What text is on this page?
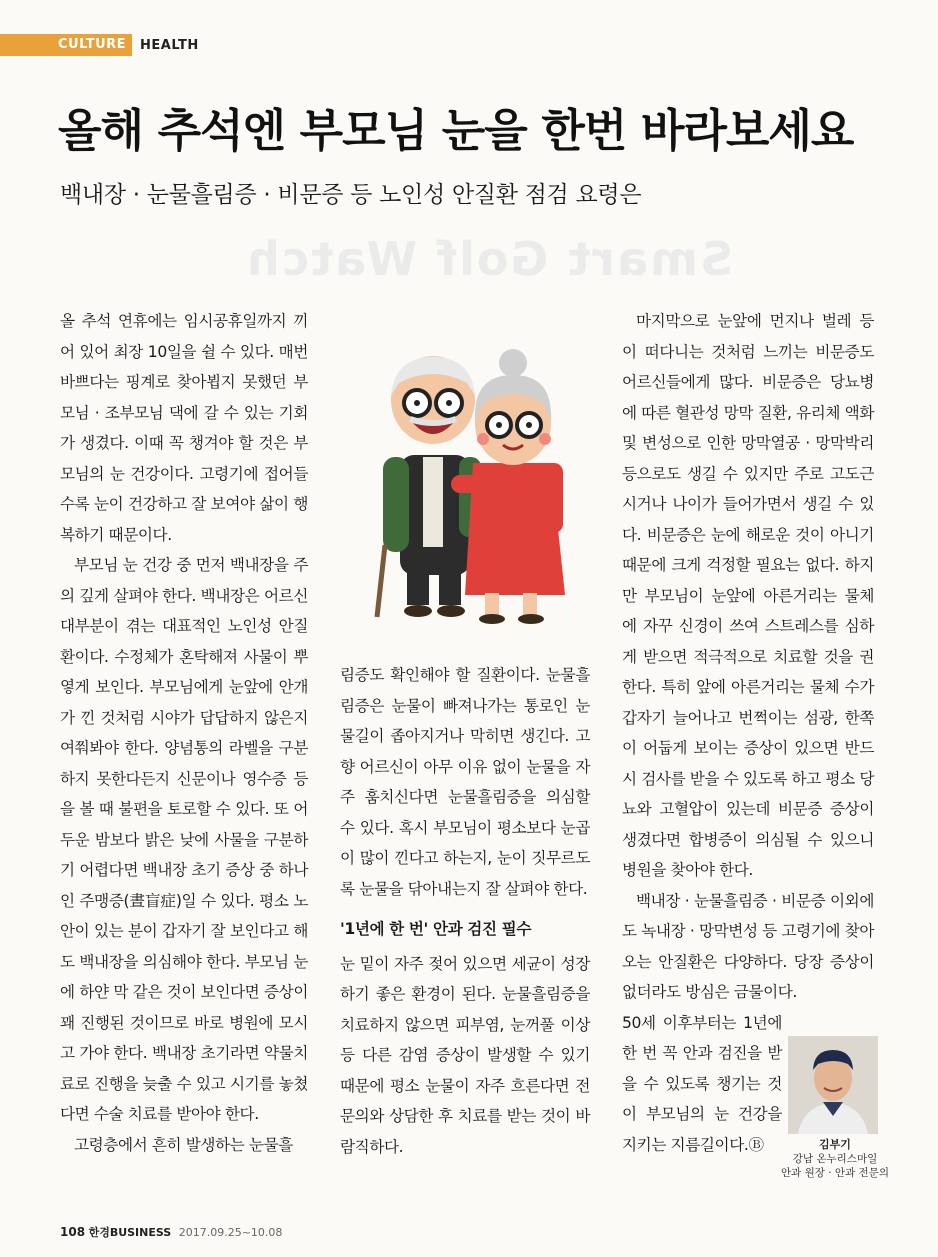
CULTURE	HEALTH
Smart Golf Watch
올해 추석엔 부모님 눈을 한번 바라보세요
백내장 · 눈물흘림증 · 비문증 등 노인성 안질환 점검 요령은

올 추석 연휴에는 임시공휴일까지 끼어 있어 최장 10일을 쉴 수 있다. 매번 바쁘다는 핑계로 찾아뵙지 못했던 부모님 · 조부모님 댁에 갈 수 있는 기회가 생겼다. 이때 꼭 챙겨야 할 것은 부모님의 눈 건강이다. 고령기에 접어들수록 눈이 건강하고 잘 보여야 삶이 행복하기 때문이다.

부모님 눈 건강 중 먼저 백내장을 주의 깊게 살펴야 한다. 백내장은 어르신 대부분이 겪는 대표적인 노인성 안질환이다. 수정체가 혼탁해져 사물이 뿌옇게 보인다. 부모님에게 눈앞에 안개가 낀 것처럼 시야가 답답하지 않은지 여쭤봐야 한다. 양념통의 라벨을 구분하지 못한다든지 신문이나 영수증 등을 볼 때 불편을 토로할 수 있다. 또 어두운 밤보다 밝은 낮에 사물을 구분하기 어렵다면 백내장 초기 증상 중 하나인 주맹증(晝盲症)일 수 있다. 평소 노안이 있는 분이 갑자기 잘 보인다고 해도 백내장을 의심해야 한다. 부모님 눈에 하얀 막 같은 것이 보인다면 증상이 꽤 진행된 것이므로 바로 병원에 모시고 가야 한다. 백내장 초기라면 약물치료로 진행을 늦출 수 있고 시기를 놓쳤다면 수술 치료를 받아야 한다.

고령층에서 흔히 발생하는 눈물흘

림증도 확인해야 할 질환이다. 눈물흘림증은 눈물이 빠져나가는 통로인 눈물길이 좁아지거나 막히면 생긴다. 고향 어르신이 아무 이유 없이 눈물을 자주 훔치신다면 눈물흘림증을 의심할 수 있다. 혹시 부모님이 평소보다 눈곱이 많이 낀다고 하는지, 눈이 짓무르도록 눈물을 닦아내는지 잘 살펴야 한다.

'1년에 한 번' 안과 검진 필수

눈 밑이 자주 젖어 있으면 세균이 성장하기 좋은 환경이 된다. 눈물흘림증을 치료하지 않으면 피부염, 눈꺼풀 이상 등 다른 감염 증상이 발생할 수 있기 때문에 평소 눈물이 자주 흐른다면 전문의와 상담한 후 치료를 받는 것이 바람직하다.

마지막으로 눈앞에 먼지나 벌레 등이 떠다니는 것처럼 느끼는 비문증도 어르신들에게 많다. 비문증은 당뇨병에 따른 혈관성 망막 질환, 유리체 액화 및 변성으로 인한 망막열공 · 망막박리 등으로도 생길 수 있지만 주로 고도근시거나 나이가 들어가면서 생길 수 있다. 비문증은 눈에 해로운 것이 아니기 때문에 크게 걱정할 필요는 없다. 하지만 부모님이 눈앞에 아른거리는 물체에 자꾸 신경이 쓰여 스트레스를 심하게 받으면 적극적으로 치료할 것을 권한다. 특히 앞에 아른거리는 물체 수가 갑자기 늘어나고 번쩍이는 섬광, 한쪽이 어둡게 보이는 증상이 있으면 반드시 검사를 받을 수 있도록 하고 평소 당뇨와 고혈압이 있는데 비문증 증상이 생겼다면 합병증이 의심될 수 있으니 병원을 찾아야 한다.

백내장 · 눈물흘림증 · 비문증 이외에도 녹내장 · 망막변성 등 고령기에 찾아오는 안질환은 다양하다. 당장 증상이 없더라도 방심은 금물이다.

50세 이후부터는 1년에 한 번 꼭 안과 검진을 받을 수 있도록 챙기는 것이 부모님의 눈 건강을 지키는 지름길이다.Ⓑ	김부기
강남 온누리스마일
안과 원장 · 안과 전문의
108 한경BUSINESS 2017.09.25~10.08
